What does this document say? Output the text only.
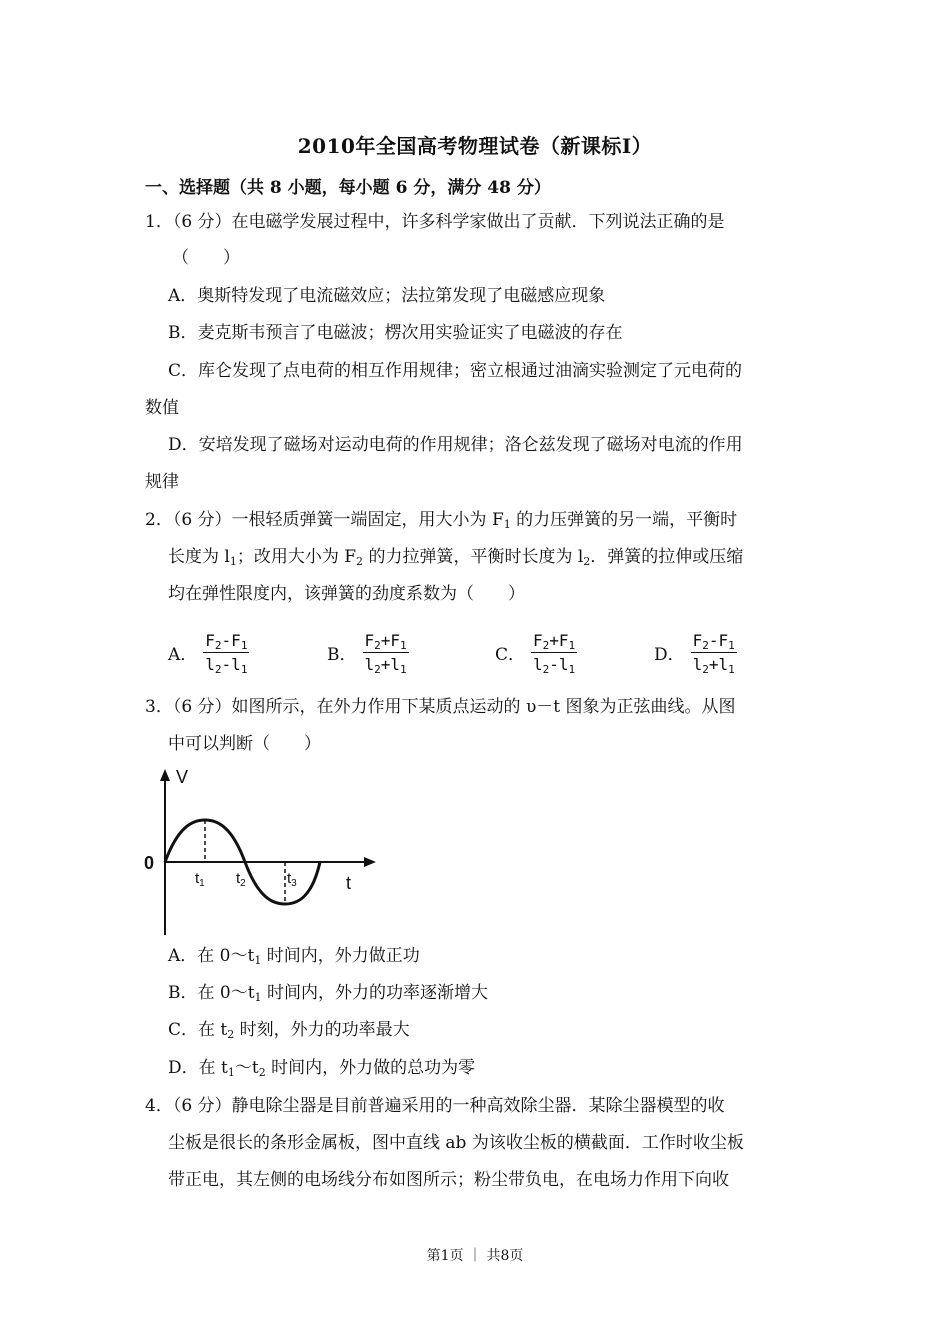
2010年全国高考物理试卷（新课标I）
一、选择题（共 8 小题，每小题 6 分，满分 48 分）
1．（6 分）在电磁学发展过程中，许多科学家做出了贡献．下列说法正确的是
（　　）
A．奥斯特发现了电流磁效应；法拉第发现了电磁感应现象
B．麦克斯韦预言了电磁波；楞次用实验证实了电磁波的存在
C．库仑发现了点电荷的相互作用规律；密立根通过油滴实验测定了元电荷的
数值
D．安培发现了磁场对运动电荷的作用规律；洛仑兹发现了磁场对电流的作用
规律
2．（6 分）一根轻质弹簧一端固定，用大小为 $F_1$ 的力压弹簧的另一端，平衡时
长度为 $l_1$；改用大小为 $F_2$ 的力拉弹簧，平衡时长度为 $l_2$．弹簧的拉伸或压缩
均在弹性限度内，该弹簧的劲度系数为（　　）
A． $\frac{F_2-F_1}{l_2-l_1}$	B． $\frac{F_2+F_1}{l_2+l_1}$	C． $\frac{F_2+F_1}{l_2-l_1}$	D． $\frac{F_2-F_1}{l_2+l_1}$
3．（6 分）如图所示，在外力作用下某质点运动的 υ－t 图象为正弦曲线。从图
中可以判断（　　）
V
0
t
$t_1$ $t_2$	$t_3$
A．在 $0\sim t_1$ 时间内，外力做正功
B．在 $0\sim t_1$ 时间内，外力的功率逐渐增大
C．在 $t_2$ 时刻，外力的功率最大
D．在 $t_1\sim t_2$ 时间内，外力做的总功为零
4．（6 分）静电除尘器是目前普遍采用的一种高效除尘器．某除尘器模型的收
尘板是很长的条形金属板，图中直线 ab 为该收尘板的横截面．工作时收尘板
带正电，其左侧的电场线分布如图所示；粉尘带负电，在电场力作用下向收
第1页 ｜ 共8页
